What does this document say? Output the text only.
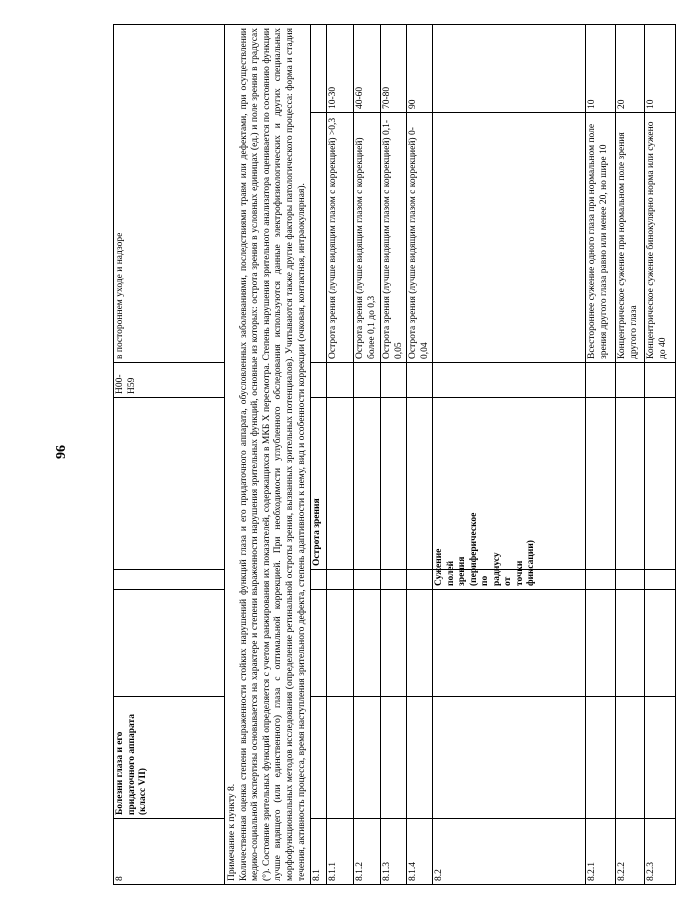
96
8	Болезни глаза и его придаточного аппарата (класс VII)				H00-H59	в постороннем уходе и надзоре	

Примечание к пункту 8. Количественная оценка степени выраженности стойких нарушений функций глаза и его придаточного аппарата, обусловленных заболеваниями, последствиями травм или дефектами, при осуществлении медико-социальной экспертизы основывается на характере и степени выраженности нарушения зрительных функций, основные из которых: острота зрения в условных единицах (ед.) и поле зрения в градусах (°). Состояние зрительных функций определяется с учетом ранжирования их показателей, содержащихся в МКБ X пересмотра. Степень нарушения зрительного анализатора оценивается по состоянию функции лучше видящего (или единственного) глаза с оптимальной коррекцией. При необходимости углубленного обследования используются данные электрофизиологических и других специальных морфофункциональных методов исследования (определение ретинальной остроты зрения, вызванных зрительных потенциалов). Учитываются также другие факторы патологического процесса: форма и стадия течения, активность процесса, время наступления зрительного дефекта, степень адаптивности к нему, вид и особенности коррекции (очковая, контактная, интраокулярная).							
8.1				Острота зрения			
8.1.1						Острота зрения (лучше видящим глазом с коррекцией) >0,3	10-30
8.1.2						Острота зрения (лучше видящим глазом с коррекцией) более 0,1 до 0,3	40-60
8.1.3						Острота зрения (лучше видящим глазом с коррекцией) 0,1-0,05	70-80
8.1.4						Острота зрения (лучше видящим глазом с коррекцией) 0-0,04	90
8.2			Сужение полей зрения (периферическое по радиусу от точки фиксации)				
8.2.1						Всестороннее сужение одного глаза при нормальном поле зрения другого глаза равно или менее 20, но шире 10	10
8.2.2						Концентрическое сужение при нормальном поле зрения другого глаза	20
8.2.3						Концентрическое сужение бинокулярно норма или сужено до 40	10
